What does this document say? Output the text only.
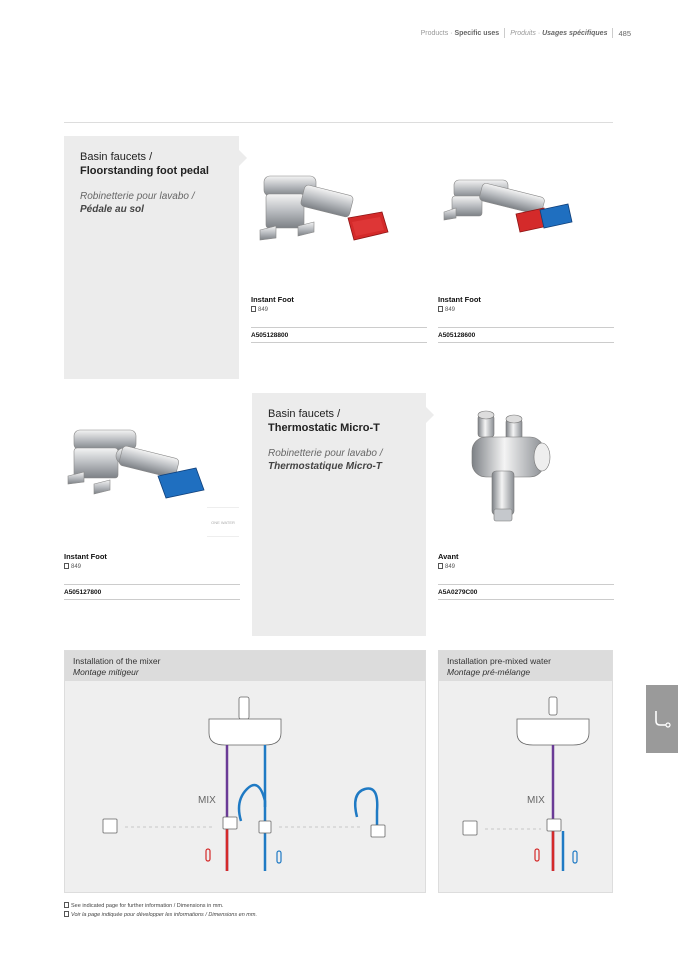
Products · Specific uses Produits · Usages spécifiques 485
Basin faucets /
Floorstanding foot pedal
Robinetterie pour lavabo /
Pédale au sol
Instant Foot
849
A505128800
Instant Foot
849
A505128600
ONE WATER
Instant Foot
849
A505127800
Basin faucets / Thermostatic Micro-T
Robinetterie pour lavabo /
Thermostatique Micro-T
Avant
849
A5A0279C00
Installation of the mixer
Montage mitigeur
MIX
Installation pre-mixed water
Montage pré-mélange
MIX
See indicated page for further information / Dimensions in mm.
Voir la page indiquée pour développer les informations / Dimensions en mm.
